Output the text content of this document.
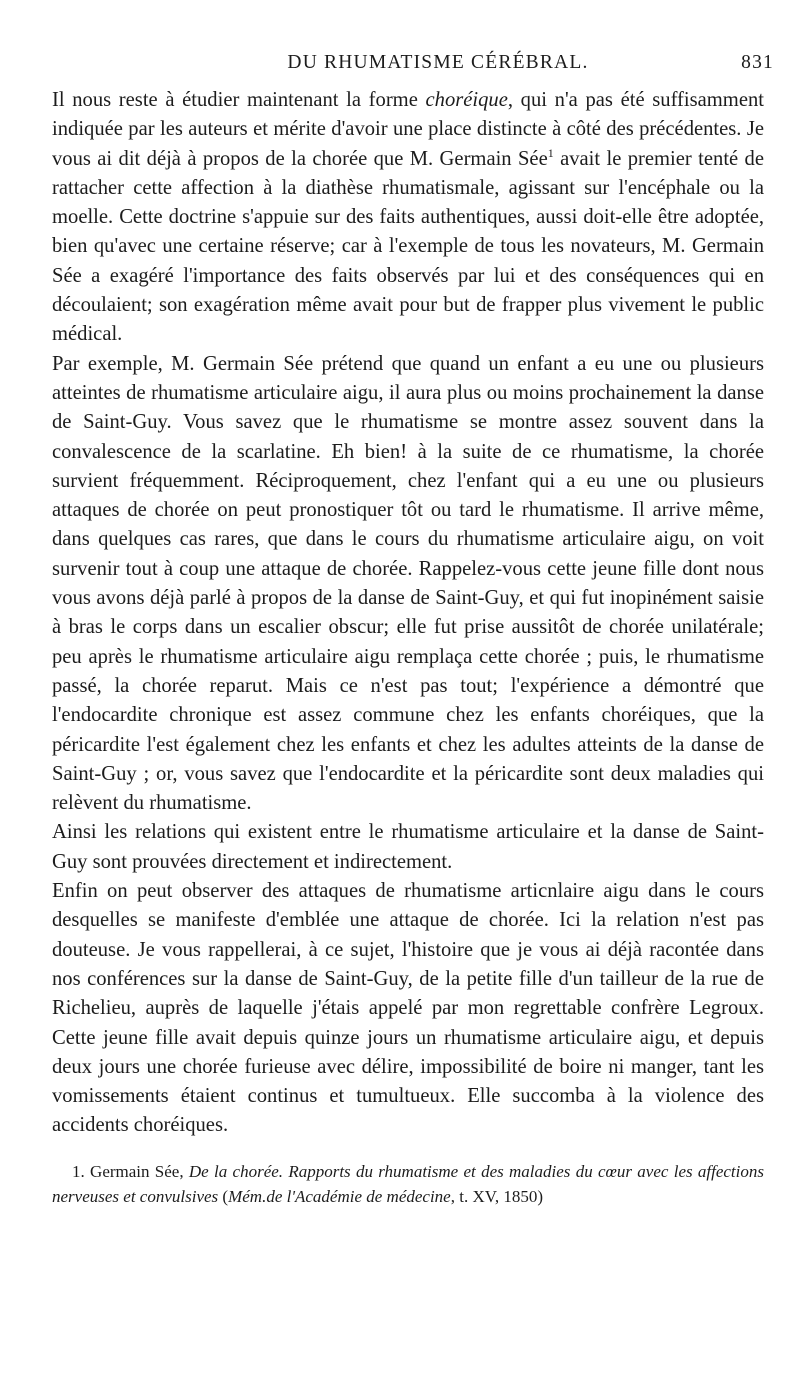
DU RHUMATISME CÉRÉBRAL.	831

Il nous reste à étudier maintenant la forme choréique, qui n'a pas été suffisamment indiquée par les auteurs et mérite d'avoir une place distincte à côté des précédentes. Je vous ai dit déjà à propos de la chorée que M. Germain Sée$^1$ avait le premier tenté de rattacher cette affection à la diathèse rhumatismale, agissant sur l'encéphale ou la moelle. Cette doctrine s'appuie sur des faits authentiques, aussi doit-elle être adoptée, bien qu'avec une certaine réserve; car à l'exemple de tous les novateurs, M. Germain Sée a exagéré l'importance des faits observés par lui et des conséquences qui en découlaient; son exagération même avait pour but de frapper plus vivement le public médical.

Par exemple, M. Germain Sée prétend que quand un enfant a eu une ou plusieurs atteintes de rhumatisme articulaire aigu, il aura plus ou moins prochainement la danse de Saint-Guy. Vous savez que le rhumatisme se montre assez souvent dans la convalescence de la scarlatine. Eh bien! à la suite de ce rhumatisme, la chorée survient fréquemment. Réciproquement, chez l'enfant qui a eu une ou plusieurs attaques de chorée on peut pronostiquer tôt ou tard le rhumatisme. Il arrive même, dans quelques cas rares, que dans le cours du rhumatisme articulaire aigu, on voit survenir tout à coup une attaque de chorée. Rappelez-vous cette jeune fille dont nous vous avons déjà parlé à propos de la danse de Saint-Guy, et qui fut inopinément saisie à bras le corps dans un escalier obscur; elle fut prise aussitôt de chorée unilatérale; peu après le rhumatisme articulaire aigu remplaça cette chorée ; puis, le rhumatisme passé, la chorée reparut. Mais ce n'est pas tout; l'expérience a démontré que l'endocardite chronique est assez commune chez les enfants choréiques, que la péricardite l'est également chez les enfants et chez les adultes atteints de la danse de Saint-Guy ; or, vous savez que l'endocardite et la péricardite sont deux maladies qui relèvent du rhumatisme.

Ainsi les relations qui existent entre le rhumatisme articulaire et la danse de Saint-Guy sont prouvées directement et indirectement.

Enfin on peut observer des attaques de rhumatisme articnlaire aigu dans le cours desquelles se manifeste d'emblée une attaque de chorée. Ici la relation n'est pas douteuse. Je vous rappellerai, à ce sujet, l'histoire que je vous ai déjà racontée dans nos conférences sur la danse de Saint-Guy, de la petite fille d'un tailleur de la rue de Richelieu, auprès de laquelle j'étais appelé par mon regrettable confrère Legroux. Cette jeune fille avait depuis quinze jours un rhumatisme articulaire aigu, et depuis deux jours une chorée furieuse avec délire, impossibilité de boire ni manger, tant les vomissements étaient continus et tumultueux. Elle succomba à la violence des accidents choréiques.

1. Germain Sée, De la chorée. Rapports du rhumatisme et des maladies du cœur avec les affections nerveuses et convulsives (Mém.de l'Académie de médecine, t. XV, 1850)
